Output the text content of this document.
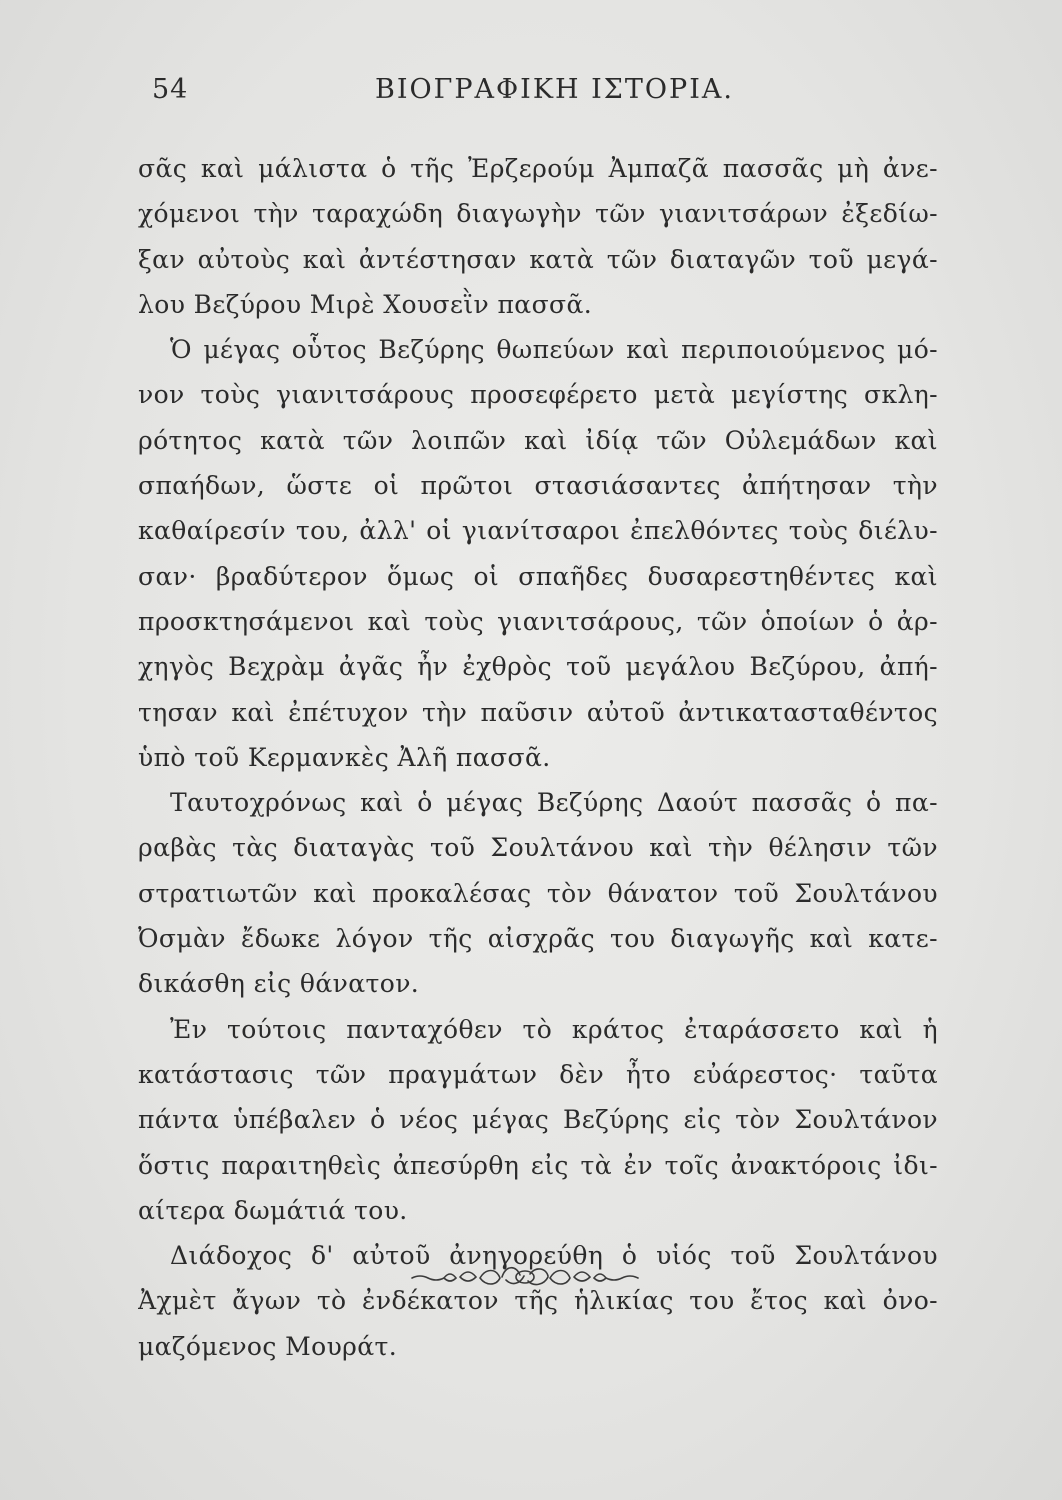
54	ΒΙΟΓΡΑΦΙΚΗ ΙΣΤΟΡΙΑ.
σᾶς καὶ μάλιστα ὁ τῆς Ἐρζερούμ Ἀμπαζᾶ πασσᾶς μὴ ἀνε-
χόμενοι τὴν ταραχώδη διαγωγὴν τῶν γιανιτσάρων ἐξεδίω-
ξαν αὐτοὺς καὶ ἀντέστησαν κατὰ τῶν διαταγῶν τοῦ μεγά-
λου Βεζύρου Μιρὲ Χουσεῒν πασσᾶ.
Ὁ μέγας οὗτος Βεζύρης θωπεύων καὶ περιποιούμενος μό-
νον τοὺς γιανιτσάρους προσεφέρετο μετὰ μεγίστης σκλη-
ρότητος κατὰ τῶν λοιπῶν καὶ ἰδίᾳ τῶν Οὐλεμάδων καὶ
σπαήδων, ὥστε οἱ πρῶτοι στασιάσαντες ἀπήτησαν τὴν
καθαίρεσίν του, ἀλλ' οἱ γιανίτσαροι ἐπελθόντες τοὺς διέλυ-
σαν· βραδύτερον ὅμως οἱ σπαῆδες δυσαρεστηθέντες καὶ
προσκτησάμενοι καὶ τοὺς γιανιτσάρους, τῶν ὁποίων ὁ ἀρ-
χηγὸς Βεχρὰμ ἀγᾶς ἦν ἐχθρὸς τοῦ μεγάλου Βεζύρου, ἀπή-
τησαν καὶ ἐπέτυχον τὴν παῦσιν αὐτοῦ ἀντικατασταθέντος
ὑπὸ τοῦ Κερμανκὲς Ἀλῆ πασσᾶ.
Ταυτοχρόνως καὶ ὁ μέγας Βεζύρης Δαούτ πασσᾶς ὁ πα-
ραβὰς τὰς διαταγὰς τοῦ Σουλτάνου καὶ τὴν θέλησιν τῶν
στρατιωτῶν καὶ προκαλέσας τὸν θάνατον τοῦ Σουλτάνου
Ὀσμὰν ἔδωκε λόγον τῆς αἰσχρᾶς του διαγωγῆς καὶ κατε-
δικάσθη εἰς θάνατον.
Ἐν τούτοις πανταχόθεν τὸ κράτος ἐταράσσετο καὶ ἡ
κατάστασις τῶν πραγμάτων δὲν ἦτο εὐάρεστος· ταῦτα
πάντα ὑπέβαλεν ὁ νέος μέγας Βεζύρης εἰς τὸν Σουλτάνον
ὅστις παραιτηθεὶς ἀπεσύρθη εἰς τὰ ἐν τοῖς ἀνακτόροις ἰδι-
αίτερα δωμάτιά του.
Διάδοχος δ' αὐτοῦ ἀνηγορεύθη ὁ υἱός τοῦ Σουλτάνου
Ἀχμὲτ ἄγων τὸ ἐνδέκατον τῆς ἡλικίας του ἔτος καὶ ὀνο-
μαζόμενος Μουράτ.
